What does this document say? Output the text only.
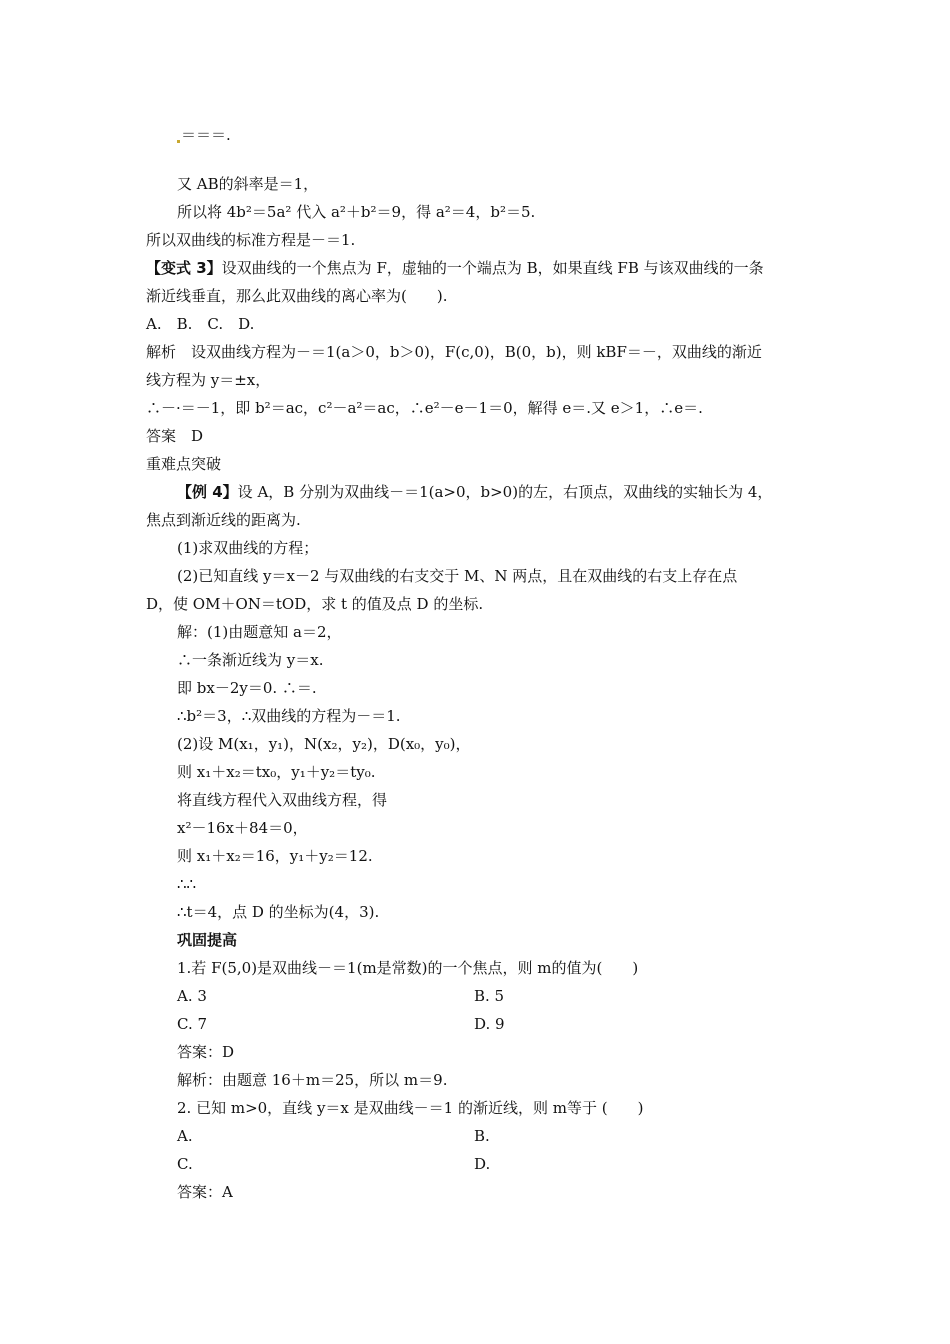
＝＝＝.
又 AB的斜率是＝1，
所以将 4b²＝5a² 代入 a²＋b²＝9，得 a²＝4，b²＝5.
所以双曲线的标准方程是－＝1.
【变式 3】设双曲线的一个焦点为 F，虚轴的一个端点为 B，如果直线 FB 与该双曲线的一条
渐近线垂直，那么此双曲线的离心率为(　　).
A.　B.　C.　D.
解析　设双曲线方程为－＝1(a＞0，b＞0)，F(c,0)，B(0，b)，则 kBF＝－，双曲线的渐近
线方程为 y＝±x，
∴－·＝－1，即 b²＝ac，c²－a²＝ac，∴e²－e－1＝0，解得 e＝.又 e＞1，∴e＝.
答案　D
重难点突破
【例 4】设 A，B 分别为双曲线－＝1(a>0，b>0)的左，右顶点，双曲线的实轴长为 4，
焦点到渐近线的距离为.
(1)求双曲线的方程；
(2)已知直线 y＝x－2 与双曲线的右支交于 M、N 两点，且在双曲线的右支上存在点
D，使 OM＋ON＝tOD，求 t 的值及点 D 的坐标.
解：(1)由题意知 a＝2，
∴一条渐近线为 y＝x.
即 bx－2y＝0. ∴＝.
∴b²＝3，∴双曲线的方程为－＝1.
(2)设 M(x₁，y₁)，N(x₂，y₂)，D(x₀，y₀)，
则 x₁＋x₂＝tx₀，y₁＋y₂＝ty₀.
将直线方程代入双曲线方程，得
x²－16x＋84＝0，
则 x₁＋x₂＝16，y₁＋y₂＝12.
∴∴
∴t＝4，点 D 的坐标为(4，3).
巩固提高
1.若 F(5,0)是双曲线－＝1(m是常数)的一个焦点，则 m的值为(　　)
A. 3	B. 5
C. 7	D. 9
答案：D
解析：由题意 16＋m＝25，所以 m＝9.
2. 已知 m>0，直线 y＝x 是双曲线－＝1 的渐近线，则 m等于 (　　)
A.	B.
C.	D.
答案：A
